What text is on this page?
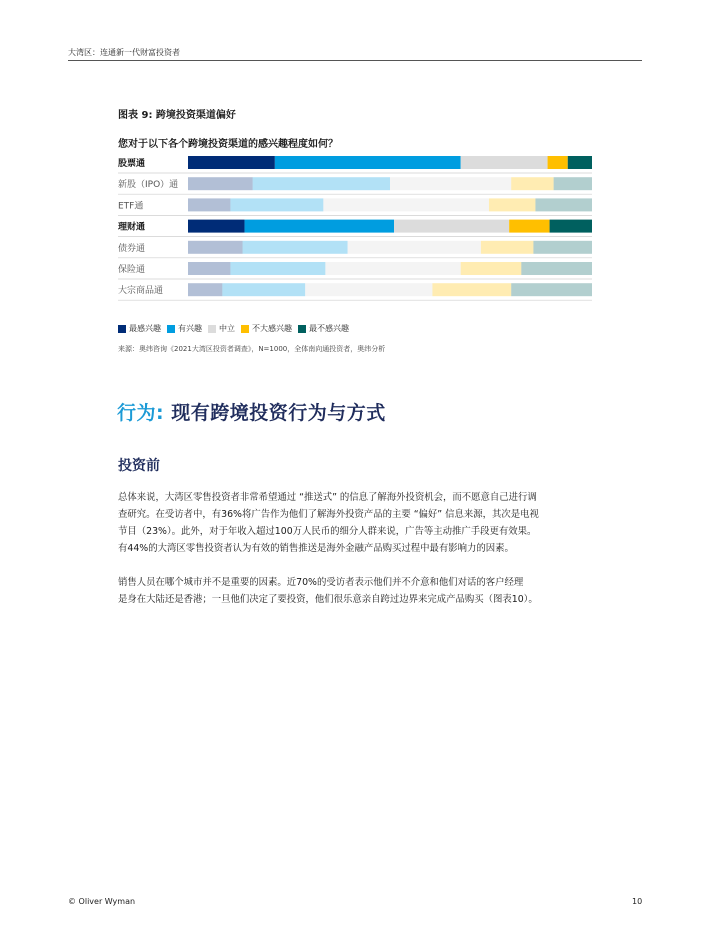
大湾区：连通新一代财富投资者
图表 9: 跨境投资渠道偏好
您对于以下各个跨境投资渠道的感兴趣程度如何？
股票通
新股（IPO）通
ETF通
理财通
债券通
保险通
大宗商品通
最感兴趣 有兴趣 中立 不大感兴趣 最不感兴趣
来源：奥纬咨询《2021大湾区投资者调查》，N=1000，全体南向通投资者，奥纬分析
行为: 现有跨境投资行为与方式
投资前
总体来说，大湾区零售投资者非常希望通过 “推送式” 的信息了解海外投资机会，而不愿意自己进行调
查研究。在受访者中，有36%将广告作为他们了解海外投资产品的主要 “偏好” 信息来源，其次是电视
节目（23%）。此外，对于年收入超过100万人民币的细分人群来说，广告等主动推广手段更有效果。
有44%的大湾区零售投资者认为有效的销售推送是海外金融产品购买过程中最有影响力的因素。
销售人员在哪个城市并不是重要的因素。近70%的受访者表示他们并不介意和他们对话的客户经理
是身在大陆还是香港；一旦他们决定了要投资，他们很乐意亲自跨过边界来完成产品购买（图表10）。
© Oliver Wyman	10
